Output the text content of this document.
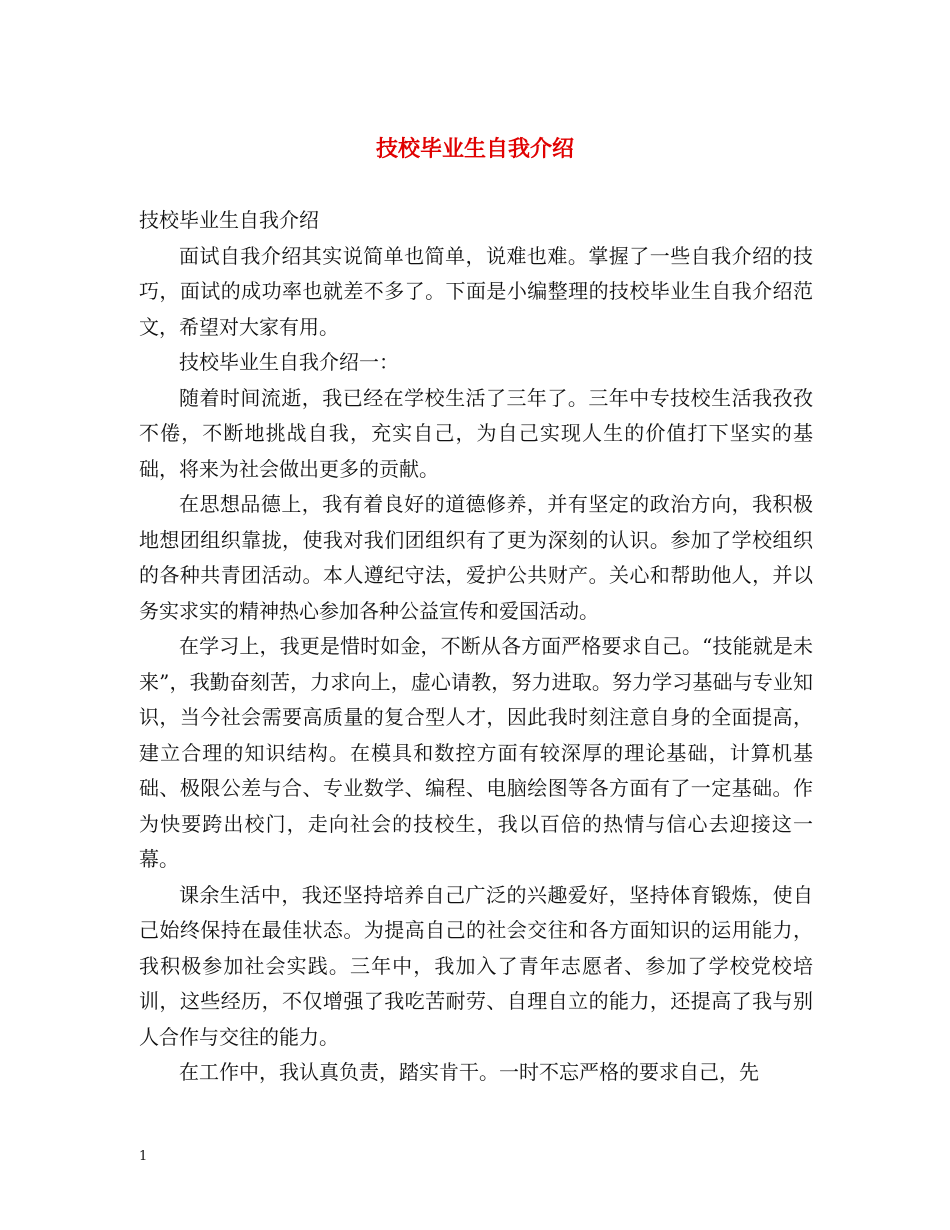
技校毕业生自我介绍

技校毕业生自我介绍

面试自我介绍其实说简单也简单，说难也难。掌握了一些自我介绍的技巧，面试的成功率也就差不多了。下面是小编整理的技校毕业生自我介绍范文，希望对大家有用。

技校毕业生自我介绍一：

随着时间流逝，我已经在学校生活了三年了。三年中专技校生活我孜孜不倦，不断地挑战自我，充实自己，为自己实现人生的价值打下坚实的基础，将来为社会做出更多的贡献。

在思想品德上，我有着良好的道德修养，并有坚定的政治方向，我积极地想团组织靠拢，使我对我们团组织有了更为深刻的认识。参加了学校组织的各种共青团活动。本人遵纪守法，爱护公共财产。关心和帮助他人，并以务实求实的精神热心参加各种公益宣传和爱国活动。

在学习上，我更是惜时如金，不断从各方面严格要求自己。“技能就是未来”，我勤奋刻苦，力求向上，虚心请教，努力进取。努力学习基础与专业知识，当今社会需要高质量的复合型人才，因此我时刻注意自身的全面提高，建立合理的知识结构。在模具和数控方面有较深厚的理论基础，计算机基础、极限公差与合、专业数学、编程、电脑绘图等各方面有了一定基础。作为快要跨出校门，走向社会的技校生，我以百倍的热情与信心去迎接这一幕。

课余生活中，我还坚持培养自己广泛的兴趣爱好，坚持体育锻炼，使自己始终保持在最佳状态。为提高自己的社会交往和各方面知识的运用能力，我积极参加社会实践。三年中，我加入了青年志愿者、参加了学校党校培训，这些经历，不仅增强了我吃苦耐劳、自理自立的能力，还提高了我与别人合作与交往的能力。

在工作中，我认真负责，踏实肯干。一时不忘严格的要求自己，先

1
